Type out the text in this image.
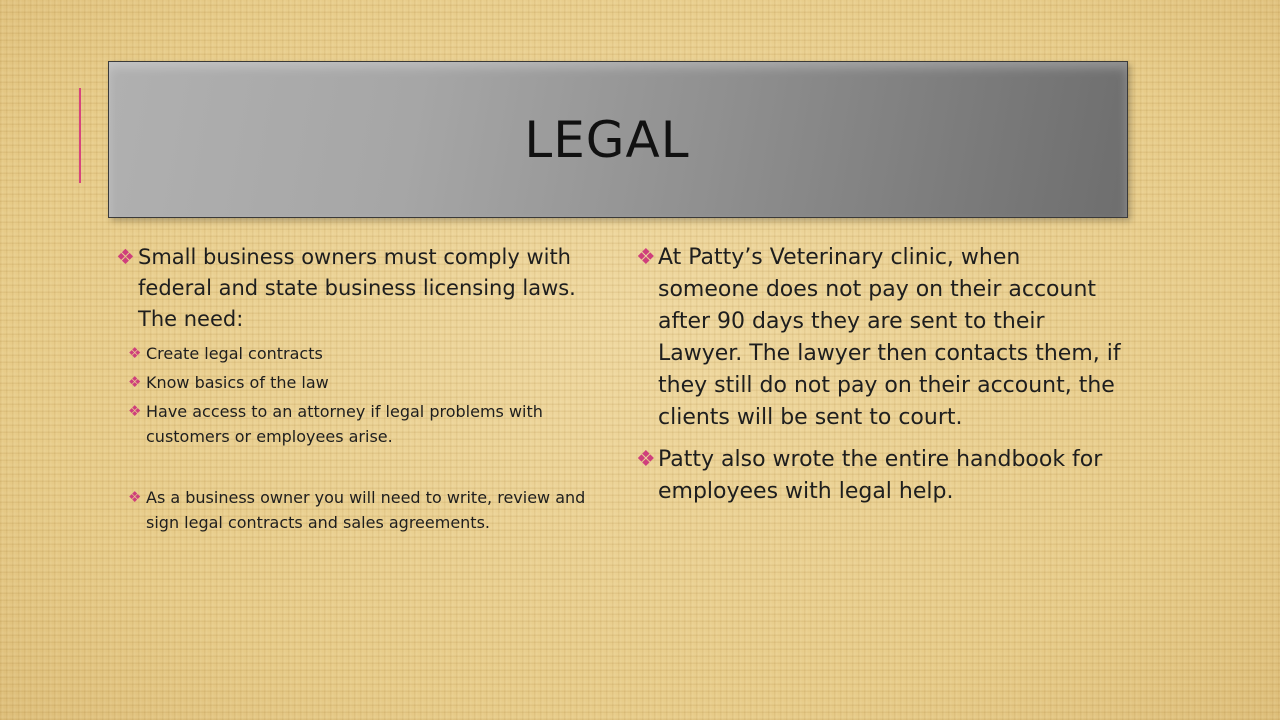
LEGAL
❖ Small business owners must comply with federal and state business licensing laws. The need:
❖ Create legal contracts
❖ Know basics of the law
❖ Have access to an attorney if legal problems with customers or employees arise.
❖ As a business owner you will need to write, review and sign legal contracts and sales agreements.
❖ At Patty’s Veterinary clinic, when someone does not pay on their account after 90 days they are sent to their Lawyer. The lawyer then contacts them, if they still do not pay on their account, the clients will be sent to court.
❖ Patty also wrote the entire handbook for employees with legal help.
